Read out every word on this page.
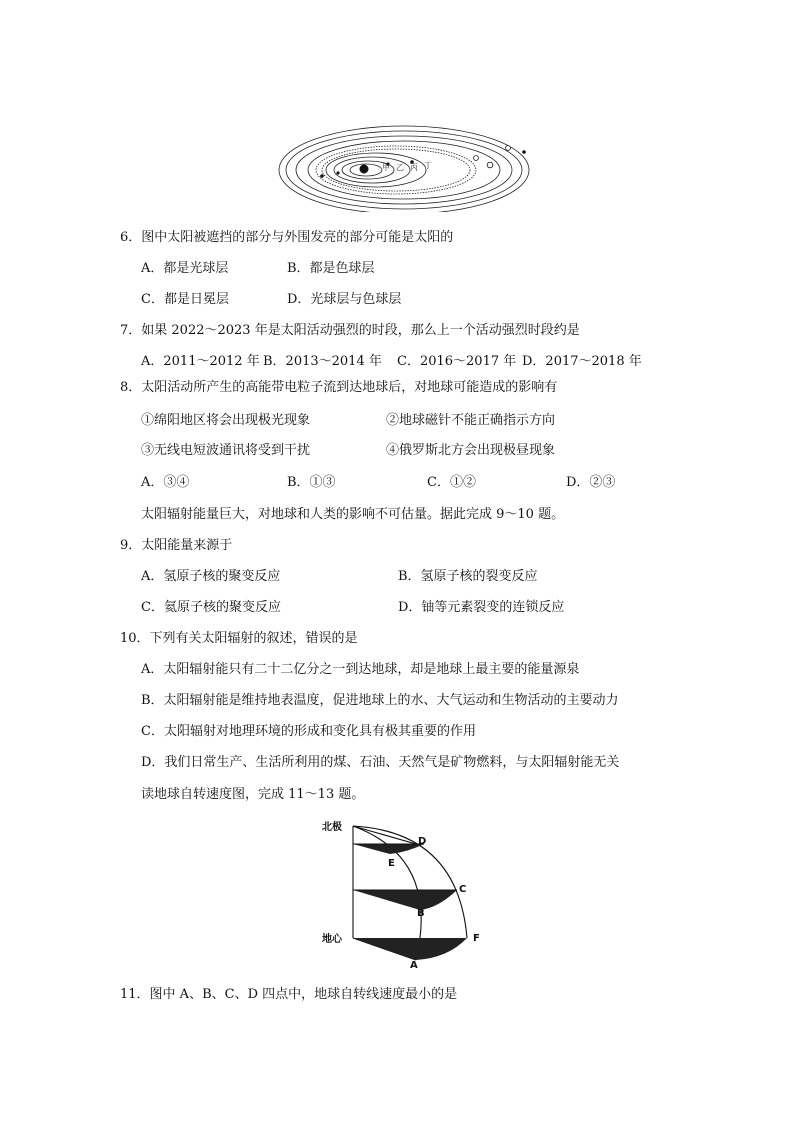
甲 乙 丙 丁
6．图中太阳被遮挡的部分与外围发亮的部分可能是太阳的
A．都是光球层	B．都是色球层
C．都是日冕层	D．光球层与色球层
7．如果 2022～2023 年是太阳活动强烈的时段，那么上一个活动强烈时段约是
A．2011～2012 年 B．2013～2014 年 C．2016～2017 年 D．2017～2018 年
8．太阳活动所产生的高能带电粒子流到达地球后，对地球可能造成的影响有
①绵阳地区将会出现极光现象	②地球磁针不能正确指示方向
③无线电短波通讯将受到干扰	④俄罗斯北方会出现极昼现象
A．③④	B．①③	C．①②	D．②③
太阳辐射能量巨大，对地球和人类的影响不可估量。据此完成 9～10 题。
9．太阳能量来源于
A．氢原子核的聚变反应	B．氢原子核的裂变反应
C．氦原子核的聚变反应	D．铀等元素裂变的连锁反应
10．下列有关太阳辐射的叙述，错误的是
A．太阳辐射能只有二十二亿分之一到达地球，却是地球上最主要的能量源泉
B．太阳辐射能是维持地表温度，促进地球上的水、大气运动和生物活动的主要动力
C．太阳辐射对地理环境的形成和变化具有极其重要的作用
D．我们日常生产、生活所利用的煤、石油、天然气是矿物燃料，与太阳辐射能无关
读地球自转速度图，完成 11～13 题。
北极
地心
D
E
C
B
F
A
11．图中 A、B、C、D 四点中，地球自转线速度最小的是
